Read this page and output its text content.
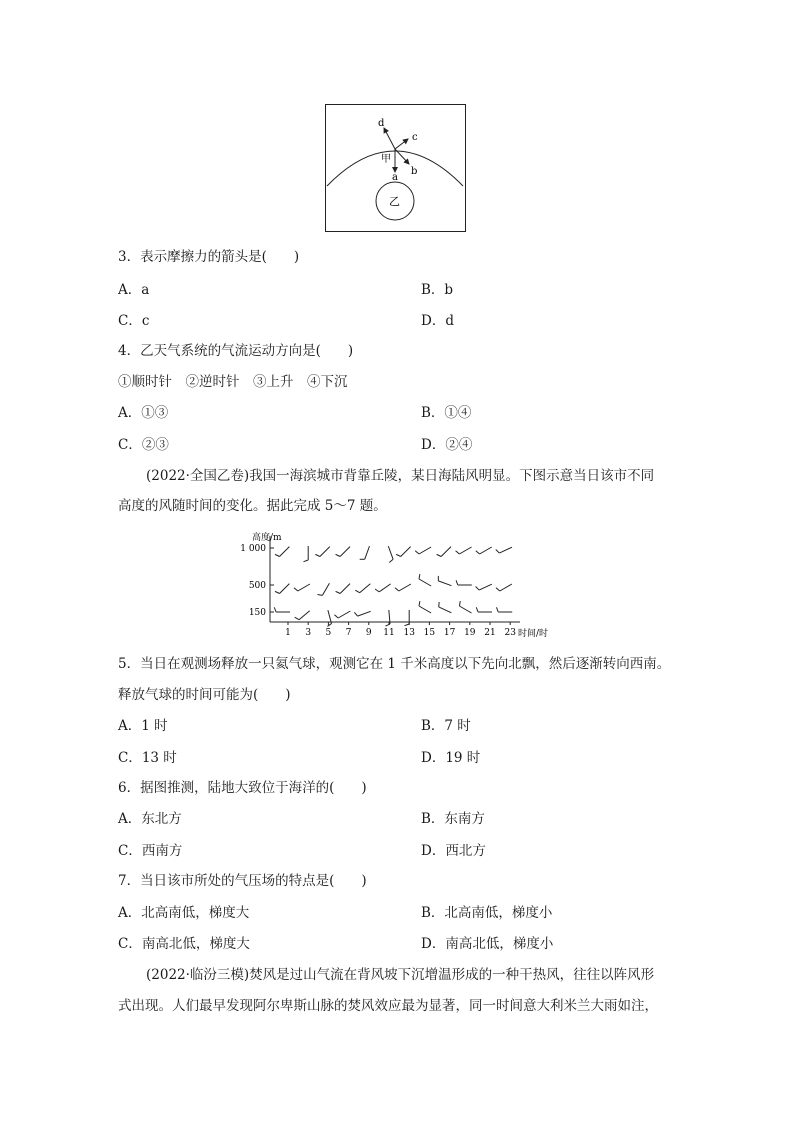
d
c
甲
a
b
乙
3．表示摩擦力的箭头是(　　)
A．a	B．b
C．c	D．d
4．乙天气系统的气流运动方向是(　　)
①顺时针　②逆时针　③上升　④下沉
A．①③	B．①④
C．②③	D．②④
(2022·全国乙卷)我国一海滨城市背靠丘陵，某日海陆风明显。下图示意当日该市不同
高度的风随时间的变化。据此完成 5～7 题。
高度/m
时间/时
1 000
500
150
1 3 5 7 9 11 13 15 17 19 21 23
5．当日在观测场释放一只氦气球，观测它在 1 千米高度以下先向北飘，然后逐渐转向西南。
释放气球的时间可能为(　　)
A．1 时	B．7 时
C．13 时	D．19 时
6．据图推测，陆地大致位于海洋的(　　)
A．东北方	B．东南方
C．西南方	D．西北方
7．当日该市所处的气压场的特点是(　　)
A．北高南低，梯度大	B．北高南低，梯度小
C．南高北低，梯度大	D．南高北低，梯度小
(2022·临汾三模)焚风是过山气流在背风坡下沉增温形成的一种干热风，往往以阵风形
式出现。人们最早发现阿尔卑斯山脉的焚风效应最为显著，同一时间意大利米兰大雨如注，
